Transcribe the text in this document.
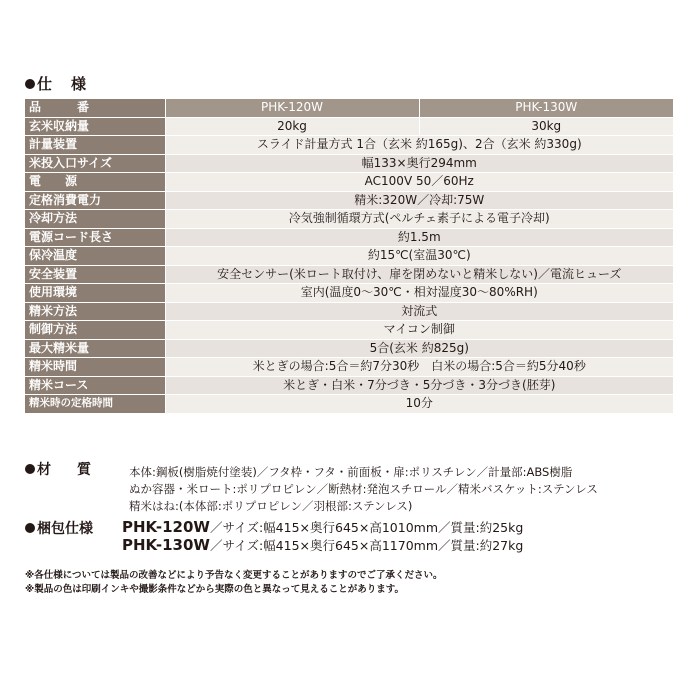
仕　様
品　　　番	PHK-120W	PHK-130W
玄米収納量	20kg	30kg
計量装置	スライド計量方式 1合（玄米 約165g)、2合（玄米 約330g)	
米投入口サイズ	幅133×奥行294mm	
電　　源	AC100V 50／60Hz	
定格消費電力	精米:320W／冷却:75W	
冷却方法	冷気強制循環方式(ペルチェ素子による電子冷却)	
電源コード長さ	約1.5m	
保冷温度	約15℃(室温30℃)	
安全装置	安全センサー(米ロート取付け、扉を閉めないと精米しない)／電流ヒューズ	
使用環境	室内(温度0～30℃・相対湿度30～80%RH)	
精米方法	対流式	
制御方法	マイコン制御	
最大精米量	5合(玄米 約825g)	
精米時間	米とぎの場合:5合＝約7分30秒　白米の場合:5合＝約5分40秒	
精米コース	米とぎ・白米・7分づき・5分づき・3分づき(胚芽)	
精米時の定格時間	10分	
材　質	本体:鋼板(樹脂焼付塗装)／フタ枠・フタ・前面板・扉:ポリスチレン／計量部:ABS樹脂
ぬか容器・米ロート:ポリプロピレン／断熱材:発泡スチロール／精米バスケット:ステンレス
精米はね:(本体部:ポリプロピレン／羽根部:ステンレス)
梱包仕様 PHK-120W／サイズ:幅415×奥行645×高1010mm／質量:約25kg
PHK-130W／サイズ:幅415×奥行645×高1170mm／質量:約27kg
※各仕様については製品の改善などにより予告なく変更することがありますのでご了承ください。
※製品の色は印刷インキや撮影条件などから実際の色と異なって見えることがあります。
